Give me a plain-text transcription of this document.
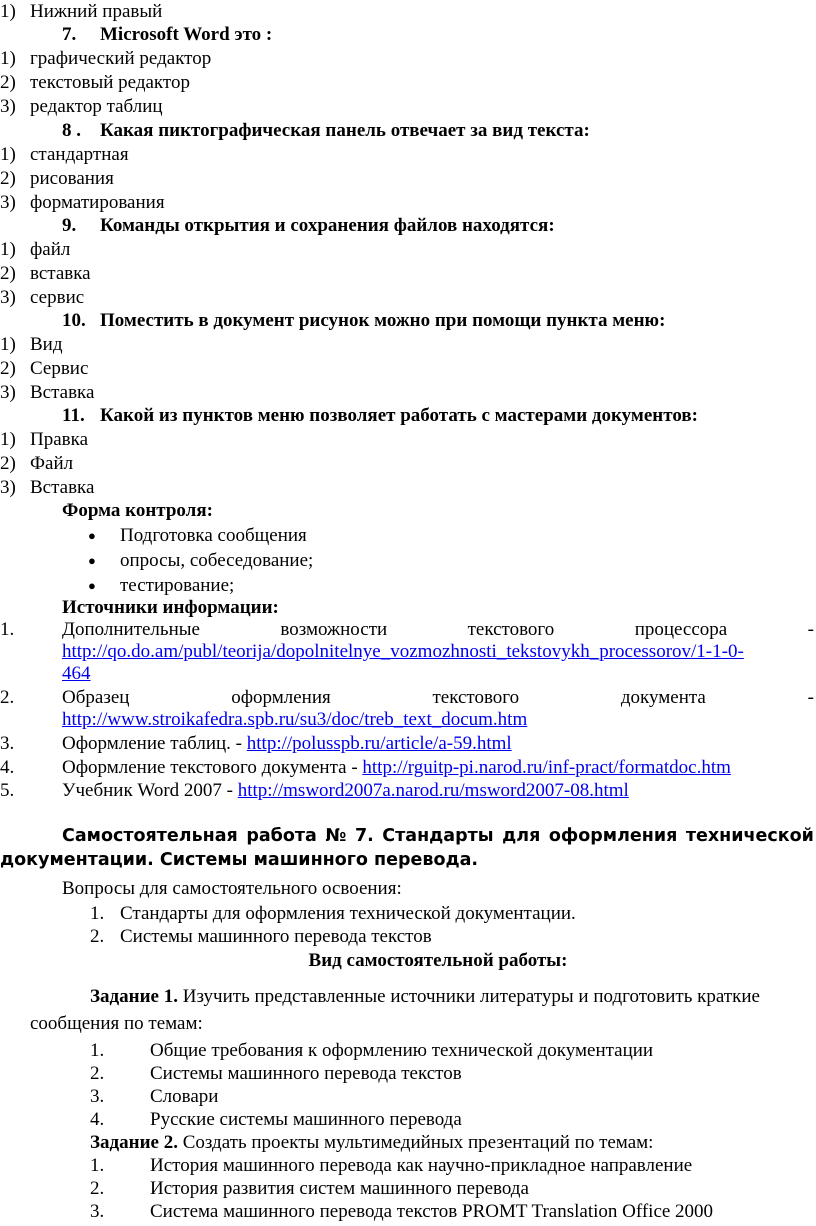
1) Нижний правый
7. Microsoft Word это :
1) графический редактор
2) текстовый редактор
3) редактор таблиц
8 . Какая пиктографическая панель отвечает за вид текста:
1) стандартная
2) рисования
3) форматирования
9. Команды открытия и сохранения файлов находятся:
1) файл
2) вставка
3) сервис
10. Поместить в документ рисунок можно при помощи пункта меню:
1) Вид
2) Сервис
3) Вставка
11. Какой из пунктов меню позволяет работать с мастерами документов:
1) Правка
2) Файл
3) Вставка
Форма контроля:
● Подготовка сообщения
● опросы, собеседование;
● тестирование;
Источники информации:
1.	Дополнительные	возможности	текстового	процессора	-
http://qo.do.am/publ/teorija/dopolnitelnye_vozmozhnosti_tekstovykh_processorov/1-1-0-
464
2.	Образец	оформления	текстового	документа	-
http://www.stroikafedra.spb.ru/su3/doc/treb_text_docum.htm
3.	Оформление таблиц. - http://polusspb.ru/article/a-59.html
4.	Оформление текстового документа - http://rguitp-pi.narod.ru/inf-pract/formatdoc.htm
5.	Учебник Word 2007 - http://msword2007a.narod.ru/msword2007-08.html
Самостоятельная работа № 7. Стандарты для оформления технической
документации. Системы машинного перевода.
Вопросы для самостоятельного освоения:
1. Стандарты для оформления технической документации.
2. Системы машинного перевода текстов
Вид самостоятельной работы:
Задание 1. Изучить представленные источники литературы и подготовить краткие
сообщения по темам:
1. Общие требования к оформлению технической документации
2. Системы машинного перевода текстов
3. Словари
4. Русские системы машинного перевода
Задание 2. Создать проекты мультимедийных презентаций по темам:
1. История машинного перевода как научно-прикладное направление
2. История развития систем машинного перевода
3. Система машинного перевода текстов PROMT Translation Office 2000
